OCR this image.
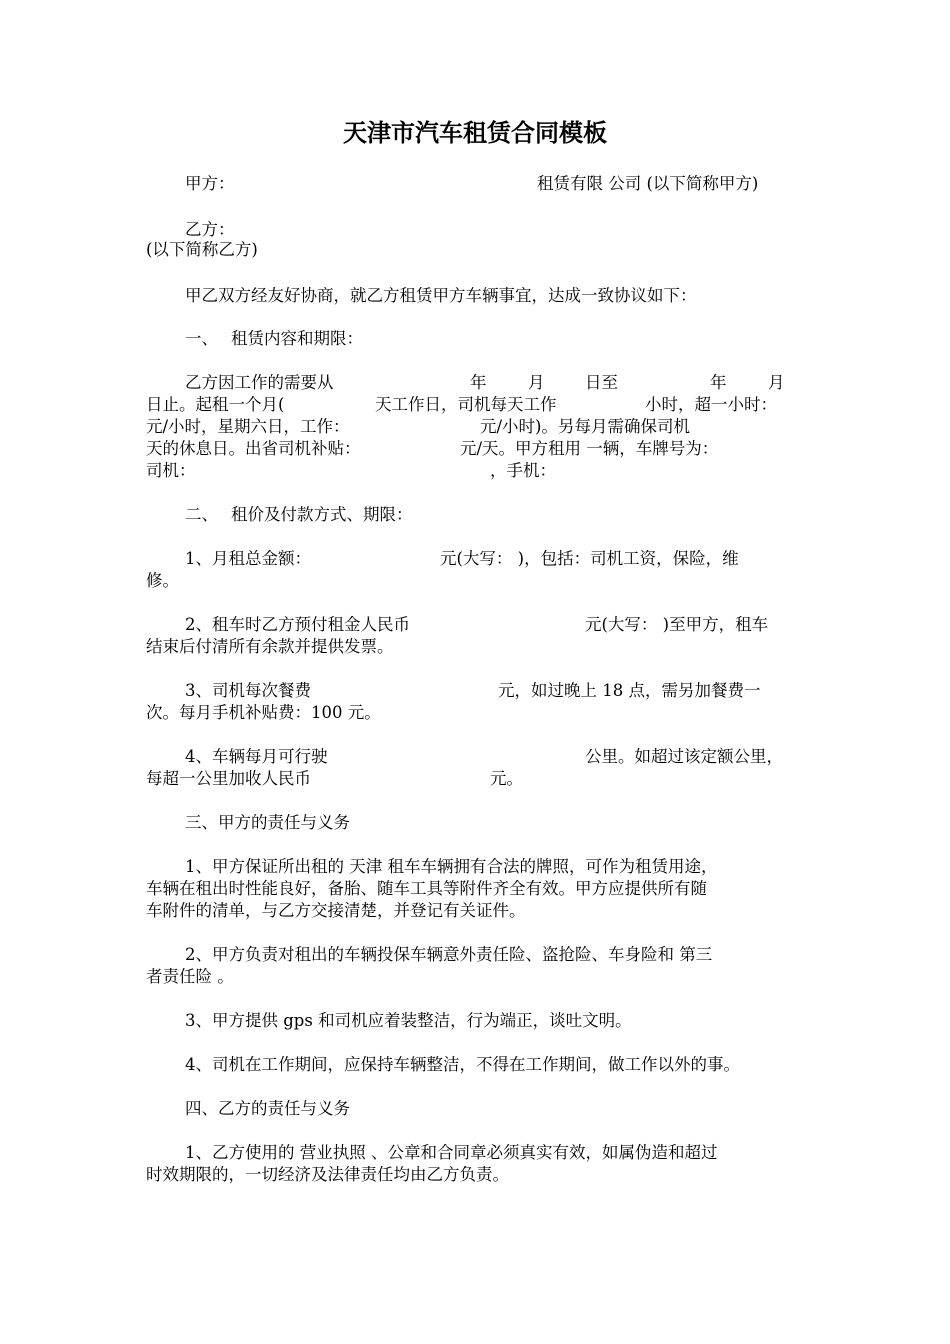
天津市汽车租赁合同模板
甲方：	租赁有限 公司 (以下简称甲方)
乙方：
(以下简称乙方)
甲乙双方经友好协商，就乙方租赁甲方车辆事宜，达成一致协议如下：
一、 租赁内容和期限：
乙方因工作的需要从	年	月 日至	年	月
日止。起租一个月(	天工作日，司机每天工作	小时，超一小时：
元/小时，星期六日，工作：	元/小时)。另每月需确保司机
天的休息日。出省司机补贴：	元/天。甲方租用 一辆，车牌号为：
司机：	，手机：
二、 租价及付款方式、期限：
1、月租总金额：	元(大写： )，包括：司机工资，保险，维
修。
2、租车时乙方预付租金人民币	元(大写： )至甲方，租车
结束后付清所有余款并提供发票。
3、司机每次餐费	元，如过晚上 18 点，需另加餐费一
次。每月手机补贴费：100 元。
4、车辆每月可行驶	公里。如超过该定额公里，
每超一公里加收人民币	元。
三、甲方的责任与义务
1、甲方保证所出租的 天津 租车车辆拥有合法的牌照，可作为租赁用途，
车辆在租出时性能良好，备胎、随车工具等附件齐全有效。甲方应提供所有随
车附件的清单，与乙方交接清楚，并登记有关证件。
2、甲方负责对租出的车辆投保车辆意外责任险、盗抢险、车身险和 第三
者责任险 。
3、甲方提供 gps 和司机应着装整洁，行为端正，谈吐文明。
4、司机在工作期间，应保持车辆整洁，不得在工作期间，做工作以外的事。
四、乙方的责任与义务
1、乙方使用的 营业执照 、公章和合同章必须真实有效，如属伪造和超过
时效期限的，一切经济及法律责任均由乙方负责。
